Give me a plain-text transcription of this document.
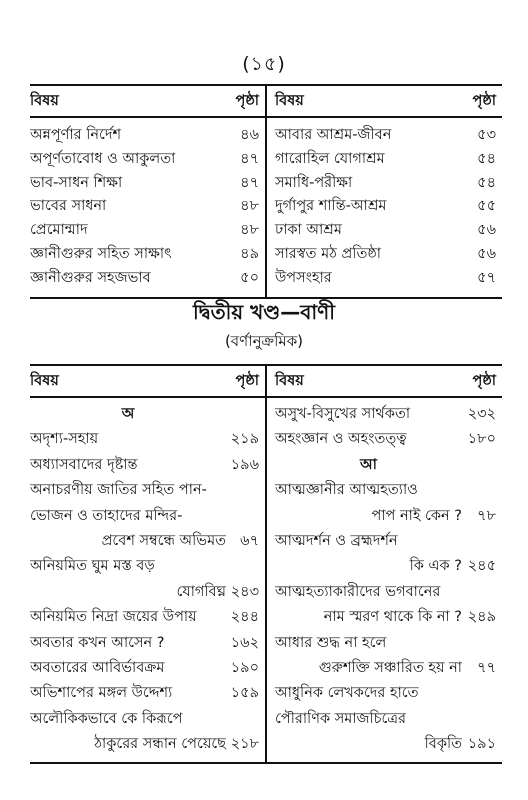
(১৫)
বিষয়	পৃষ্ঠা	বিষয়	পৃষ্ঠা
অন্নপূর্ণার নির্দেশ	৪৬	আবার আশ্রম-জীবন	৫৩
অপূর্ণতাবোধ ও আকুলতা	৪৭	গারোহিল যোগাশ্রম	৫৪
ভাব-সাধন শিক্ষা	৪৭	সমাধি-পরীক্ষা	৫৪
ভাবের সাধনা	৪৮	দুর্গাপুর শান্তি-আশ্রম	৫৫
প্রেমোন্মাদ	৪৮	ঢাকা আশ্রম	৫৬
জ্ঞানীগুরুর সহিত সাক্ষাৎ	৪৯	সারস্বত মঠ প্রতিষ্ঠা	৫৬
জ্ঞানীগুরুর সহজভাব	৫০	উপসংহার	৫৭
দ্বিতীয় খণ্ড—বাণী
(বর্ণানুক্রমিক)
বিষয়	পৃষ্ঠা	বিষয়	পৃষ্ঠা
অ		অসুখ-বিসুখের সার্থকতা	২৩২
অদৃশ্য-সহায়	২১৯	অহংজ্ঞান ও অহংতত্ত্ব	১৮০
অধ্যাসবাদের দৃষ্টান্ত	১৯৬	আ	
অনাচরণীয় জাতির সহিত পান-		আত্মজ্ঞানীর আত্মহত্যাও	
ভোজন ও তাহাদের মন্দির-		পাপ নাই কেন ?	৭৮
প্রবেশ সম্বন্ধে অভিমত	৬৭	আত্মদর্শন ও ব্রহ্মদর্শন	
অনিয়মিত ঘুম মস্ত বড়		কি এক ?	২৪৫
যোগবিঘ্ন	২৪৩	আত্মহত্যাকারীদের ভগবানের	
অনিয়মিত নিদ্রা জয়ের উপায়	২৪৪	নাম স্মরণ থাকে কি না ?	২৪৯
অবতার কখন আসেন ?	১৬২	আধার শুদ্ধ না হলে	
অবতারের আবির্ভাবক্রম	১৯০	গুরুশক্তি সঞ্চারিত হয় না	৭৭
অভিশাপের মঙ্গল উদ্দেশ্য	১৫৯	আধুনিক লেখকদের হাতে	
অলৌকিকভাবে কে কিরূপে		পৌরাণিক সমাজচিত্রের	
ঠাকুরের সন্ধান পেয়েছে	২১৮	বিকৃতি	১৯১
